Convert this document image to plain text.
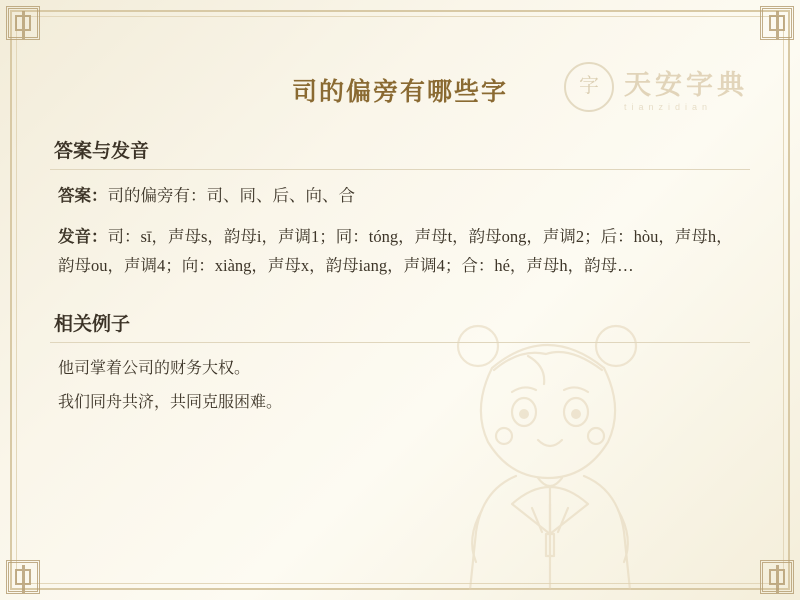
字 天安字典
tianzidian
司的偏旁有哪些字
答案与发音
答案：司的偏旁有：司、同、后、向、合
发音：司：sī，声母s，韵母i，声调1；同：tóng，声母t，韵母ong，声调2；后：hòu，声母h，韵母ou，声调4；向：xiàng，声母x，韵母iang，声调4；合：hé，声母h，韵母…
相关例子
他司掌着公司的财务大权。
我们同舟共济，共同克服困难。
